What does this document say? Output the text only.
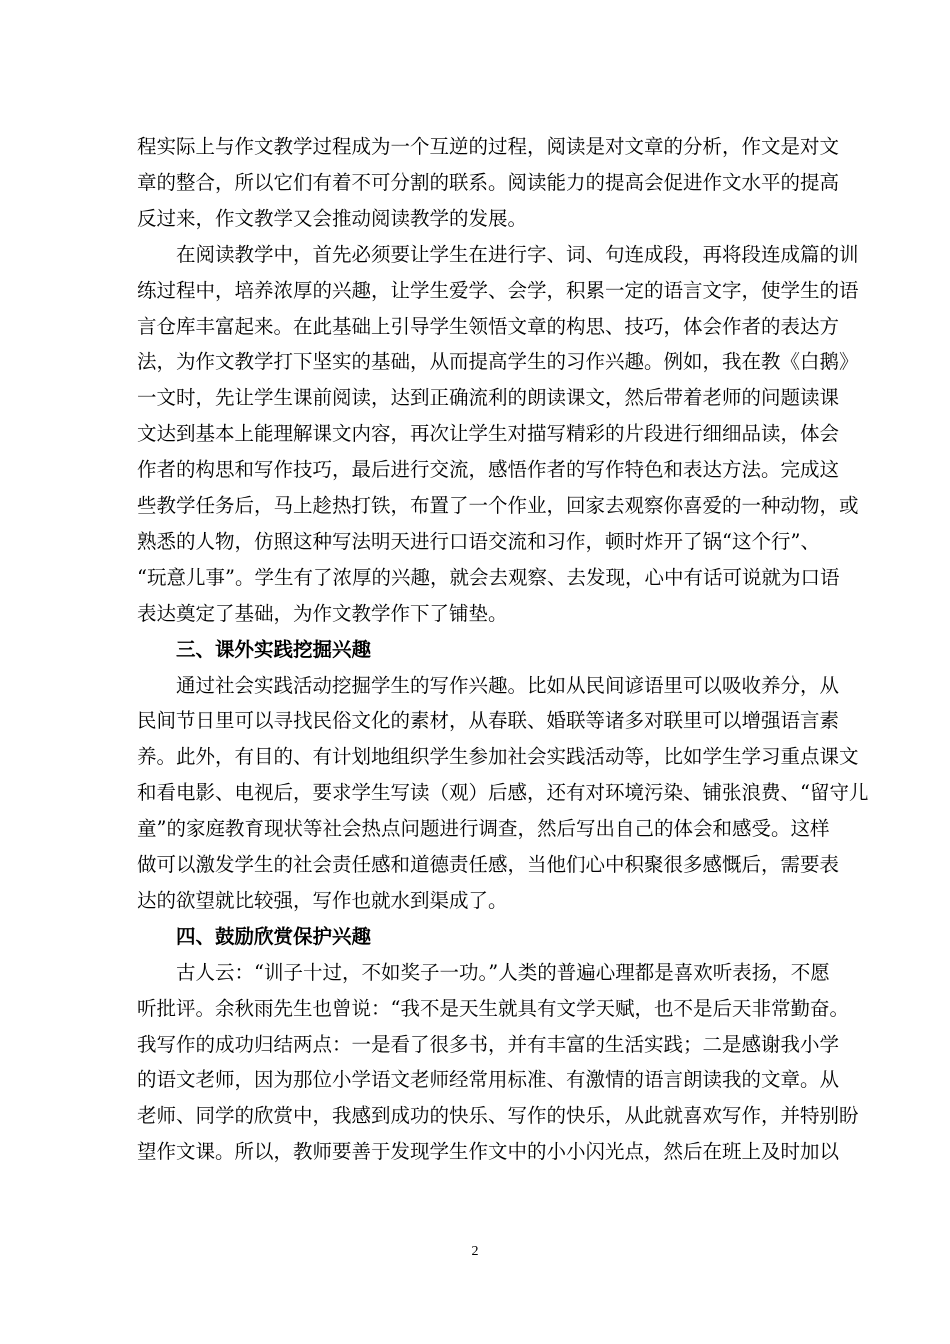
程实际上与作文教学过程成为一个互逆的过程，阅读是对文章的分析，作文是对文
章的整合，所以它们有着不可分割的联系。阅读能力的提高会促进作文水平的提高
反过来，作文教学又会推动阅读教学的发展。
在阅读教学中，首先必须要让学生在进行字、词、句连成段，再将段连成篇的训
练过程中，培养浓厚的兴趣，让学生爱学、会学，积累一定的语言文字，使学生的语
言仓库丰富起来。在此基础上引导学生领悟文章的构思、技巧，体会作者的表达方
法，为作文教学打下坚实的基础，从而提高学生的习作兴趣。例如，我在教《白鹅》
一文时，先让学生课前阅读，达到正确流利的朗读课文，然后带着老师的问题读课
文达到基本上能理解课文内容，再次让学生对描写精彩的片段进行细细品读，体会
作者的构思和写作技巧，最后进行交流，感悟作者的写作特色和表达方法。完成这
些教学任务后，马上趁热打铁，布置了一个作业，回家去观察你喜爱的一种动物，或
熟悉的人物，仿照这种写法明天进行口语交流和习作，顿时炸开了锅“这个行”、
“玩意儿事”。学生有了浓厚的兴趣，就会去观察、去发现，心中有话可说就为口语
表达奠定了基础，为作文教学作下了铺垫。
三、课外实践挖掘兴趣
通过社会实践活动挖掘学生的写作兴趣。比如从民间谚语里可以吸收养分，从
民间节日里可以寻找民俗文化的素材，从春联、婚联等诸多对联里可以增强语言素
养。此外，有目的、有计划地组织学生参加社会实践活动等，比如学生学习重点课文
和看电影、电视后，要求学生写读（观）后感，还有对环境污染、铺张浪费、“留守儿
童”的家庭教育现状等社会热点问题进行调查，然后写出自己的体会和感受。这样
做可以激发学生的社会责任感和道德责任感，当他们心中积聚很多感慨后，需要表
达的欲望就比较强，写作也就水到渠成了。
四、鼓励欣赏保护兴趣
古人云：“训子十过，不如奖子一功。”人类的普遍心理都是喜欢听表扬，不愿
听批评。余秋雨先生也曾说：“我不是天生就具有文学天赋，也不是后天非常勤奋。
我写作的成功归结两点：一是看了很多书，并有丰富的生活实践；二是感谢我小学
的语文老师，因为那位小学语文老师经常用标准、有激情的语言朗读我的文章。从
老师、同学的欣赏中，我感到成功的快乐、写作的快乐，从此就喜欢写作，并特别盼
望作文课。所以，教师要善于发现学生作文中的小小闪光点，然后在班上及时加以
2
